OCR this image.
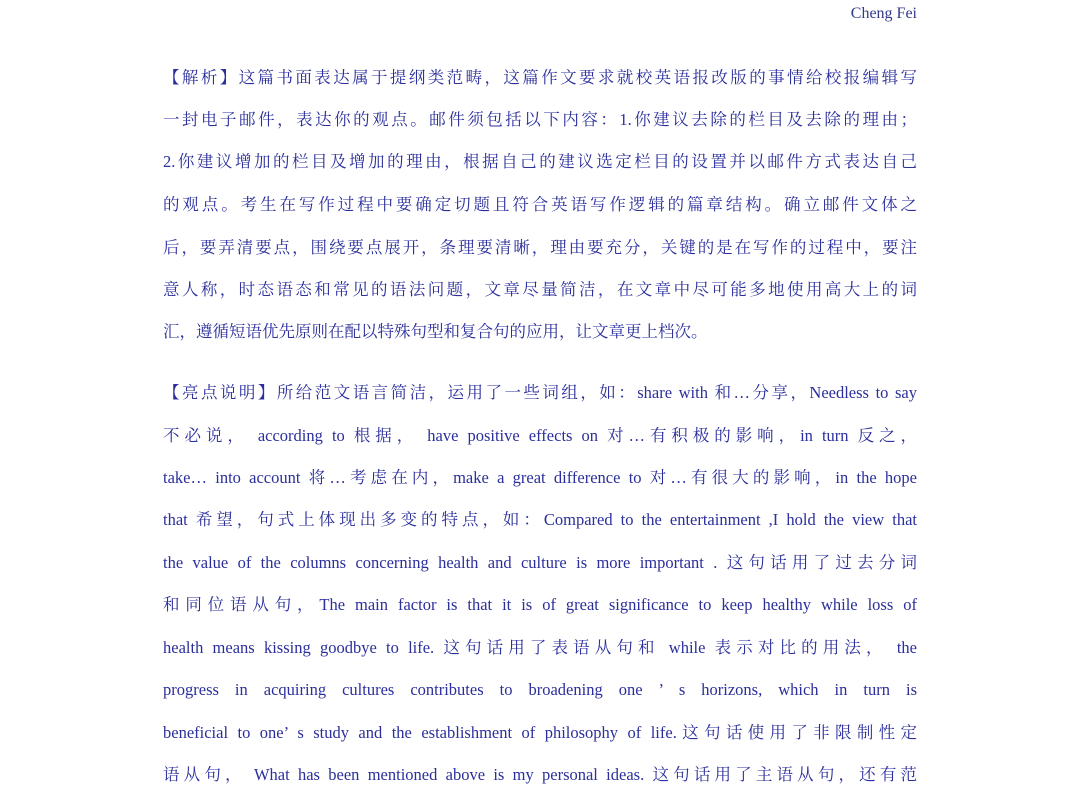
Cheng Fei
【解析】这篇书面表达属于提纲类范畴，这篇作文要求就校英语报改版的事情给校报编辑写
一封电子邮件，表达你的观点。邮件须包括以下内容：1.你建议去除的栏目及去除的理由；
2.你建议增加的栏目及增加的理由，根据自己的建议选定栏目的设置并以邮件方式表达自己
的观点。考生在写作过程中要确定切题且符合英语写作逻辑的篇章结构。确立邮件文体之
后，要弄清要点，围绕要点展开，条理要清晰，理由要充分，关键的是在写作的过程中，要注
意人称，时态语态和常见的语法问题，文章尽量简洁，在文章中尽可能多地使用高大上的词
汇，遵循短语优先原则在配以特殊句型和复合句的应用，让文章更上档次。
【亮点说明】所给范文语言简洁，运用了一些词组，如：share with 和…分享，Needless to say
不必说， according to 根据， have positive effects on 对…有积极的影响，in turn 反之，
take… into account 将…考虑在内，make a great difference to 对…有很大的影响，in the hope
that 希望，句式上体现出多变的特点，如：Compared to the entertainment ,I hold the view that
the value of the columns concerning health and culture is more important . 这句话用了过去分词
和同位语从句，The main factor is that it is of great significance to keep healthy while loss of
health means kissing goodbye to life. 这句话用了表语从句和 while 表示对比的用法， the
progress in acquiring cultures contributes to broadening one ’ s horizons, which in turn is
beneficial to one’ s study and the establishment of philosophy of life.这句话使用了非限制性定
语从句， What has been mentioned above is my personal ideas. 这句话用了主语从句，还有范
